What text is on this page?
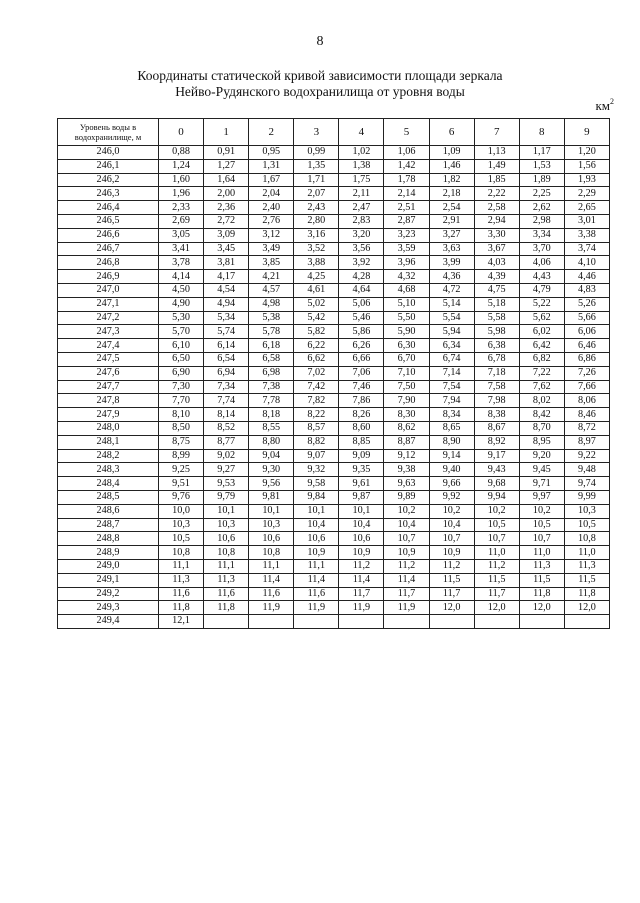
8
Координаты статической кривой зависимости площади зеркала
Нейво-Рудянского водохранилища от уровня воды
$км^2$
Уровень воды в
водохранилище, м	0	1	2	3	4	5	6	7	8	9
246,0	0,88	0,91	0,95	0,99	1,02	1,06	1,09	1,13	1,17	1,20
246,1	1,24	1,27	1,31	1,35	1,38	1,42	1,46	1,49	1,53	1,56
246,2	1,60	1,64	1,67	1,71	1,75	1,78	1,82	1,85	1,89	1,93
246,3	1,96	2,00	2,04	2,07	2,11	2,14	2,18	2,22	2,25	2,29
246,4	2,33	2,36	2,40	2,43	2,47	2,51	2,54	2,58	2,62	2,65
246,5	2,69	2,72	2,76	2,80	2,83	2,87	2,91	2,94	2,98	3,01
246,6	3,05	3,09	3,12	3,16	3,20	3,23	3,27	3,30	3,34	3,38
246,7	3,41	3,45	3,49	3,52	3,56	3,59	3,63	3,67	3,70	3,74
246,8	3,78	3,81	3,85	3,88	3,92	3,96	3,99	4,03	4,06	4,10
246,9	4,14	4,17	4,21	4,25	4,28	4,32	4,36	4,39	4,43	4,46
247,0	4,50	4,54	4,57	4,61	4,64	4,68	4,72	4,75	4,79	4,83
247,1	4,90	4,94	4,98	5,02	5,06	5,10	5,14	5,18	5,22	5,26
247,2	5,30	5,34	5,38	5,42	5,46	5,50	5,54	5,58	5,62	5,66
247,3	5,70	5,74	5,78	5,82	5,86	5,90	5,94	5,98	6,02	6,06
247,4	6,10	6,14	6,18	6,22	6,26	6,30	6,34	6,38	6,42	6,46
247,5	6,50	6,54	6,58	6,62	6,66	6,70	6,74	6,78	6,82	6,86
247,6	6,90	6,94	6,98	7,02	7,06	7,10	7,14	7,18	7,22	7,26
247,7	7,30	7,34	7,38	7,42	7,46	7,50	7,54	7,58	7,62	7,66
247,8	7,70	7,74	7,78	7,82	7,86	7,90	7,94	7,98	8,02	8,06
247,9	8,10	8,14	8,18	8,22	8,26	8,30	8,34	8,38	8,42	8,46
248,0	8,50	8,52	8,55	8,57	8,60	8,62	8,65	8,67	8,70	8,72
248,1	8,75	8,77	8,80	8,82	8,85	8,87	8,90	8,92	8,95	8,97
248,2	8,99	9,02	9,04	9,07	9,09	9,12	9,14	9,17	9,20	9,22
248,3	9,25	9,27	9,30	9,32	9,35	9,38	9,40	9,43	9,45	9,48
248,4	9,51	9,53	9,56	9,58	9,61	9,63	9,66	9,68	9,71	9,74
248,5	9,76	9,79	9,81	9,84	9,87	9,89	9,92	9,94	9,97	9,99
248,6	10,0	10,1	10,1	10,1	10,1	10,2	10,2	10,2	10,2	10,3
248,7	10,3	10,3	10,3	10,4	10,4	10,4	10,4	10,5	10,5	10,5
248,8	10,5	10,6	10,6	10,6	10,6	10,7	10,7	10,7	10,7	10,8
248,9	10,8	10,8	10,8	10,9	10,9	10,9	10,9	11,0	11,0	11,0
249,0	11,1	11,1	11,1	11,1	11,2	11,2	11,2	11,2	11,3	11,3
249,1	11,3	11,3	11,4	11,4	11,4	11,4	11,5	11,5	11,5	11,5
249,2	11,6	11,6	11,6	11,6	11,7	11,7	11,7	11,7	11,8	11,8
249,3	11,8	11,8	11,9	11,9	11,9	11,9	12,0	12,0	12,0	12,0
249,4	12,1									
